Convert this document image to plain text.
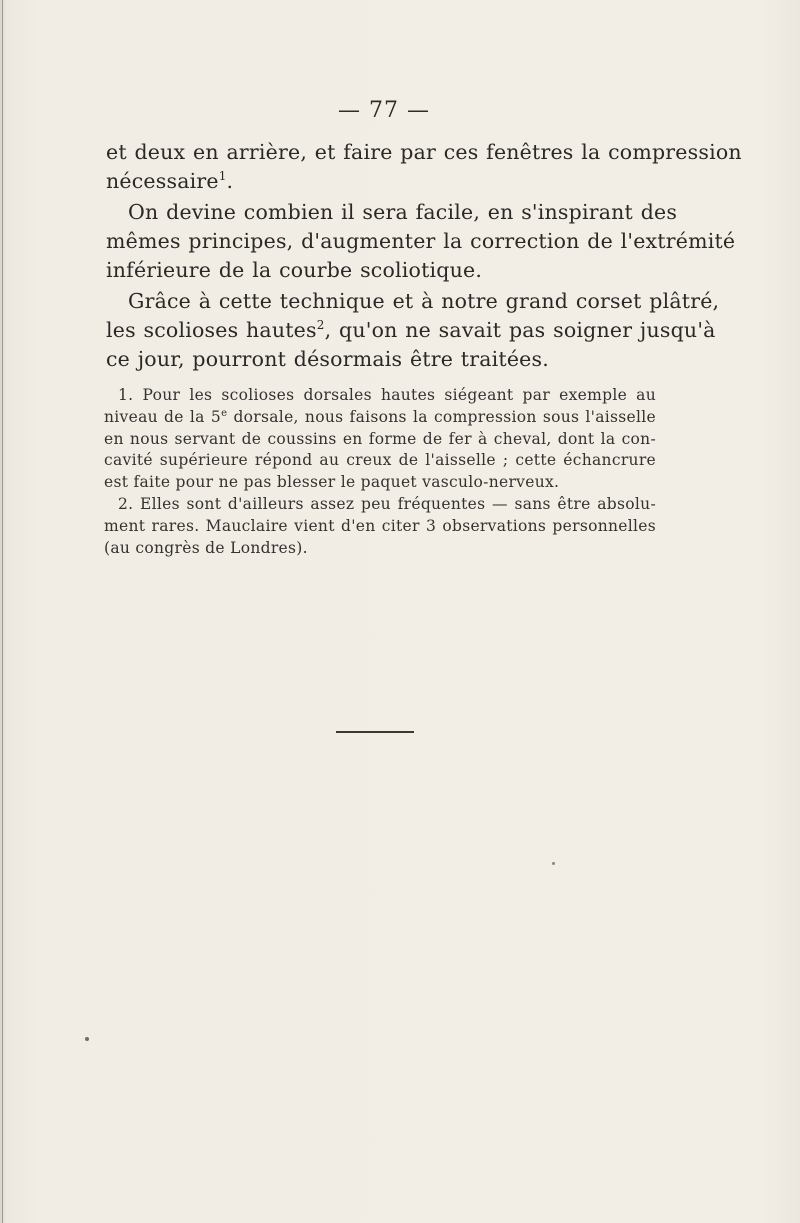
— 77 —
et deux en arrière, et faire par ces fenêtres la compression
nécessaire$^1$.
On devine combien il sera facile, en s'inspirant des
mêmes principes, d'augmenter la correction de l'extrémité
inférieure de la courbe scoliotique.
Grâce à cette technique et à notre grand corset plâtré,
les scolioses hautes$^2$, qu'on ne savait pas soigner jusqu'à
ce jour, pourront désormais être traitées.
1. Pour les scolioses dorsales hautes siégeant par exemple au
niveau de la 5e dorsale, nous faisons la compression sous l'aisselle
en nous servant de coussins en forme de fer à cheval, dont la con-
cavité supérieure répond au creux de l'aisselle ; cette échancrure
est faite pour ne pas blesser le paquet vasculo-nerveux.
2. Elles sont d'ailleurs assez peu fréquentes — sans être absolu-
ment rares. Mauclaire vient d'en citer 3 observations personnelles
(au congrès de Londres).
